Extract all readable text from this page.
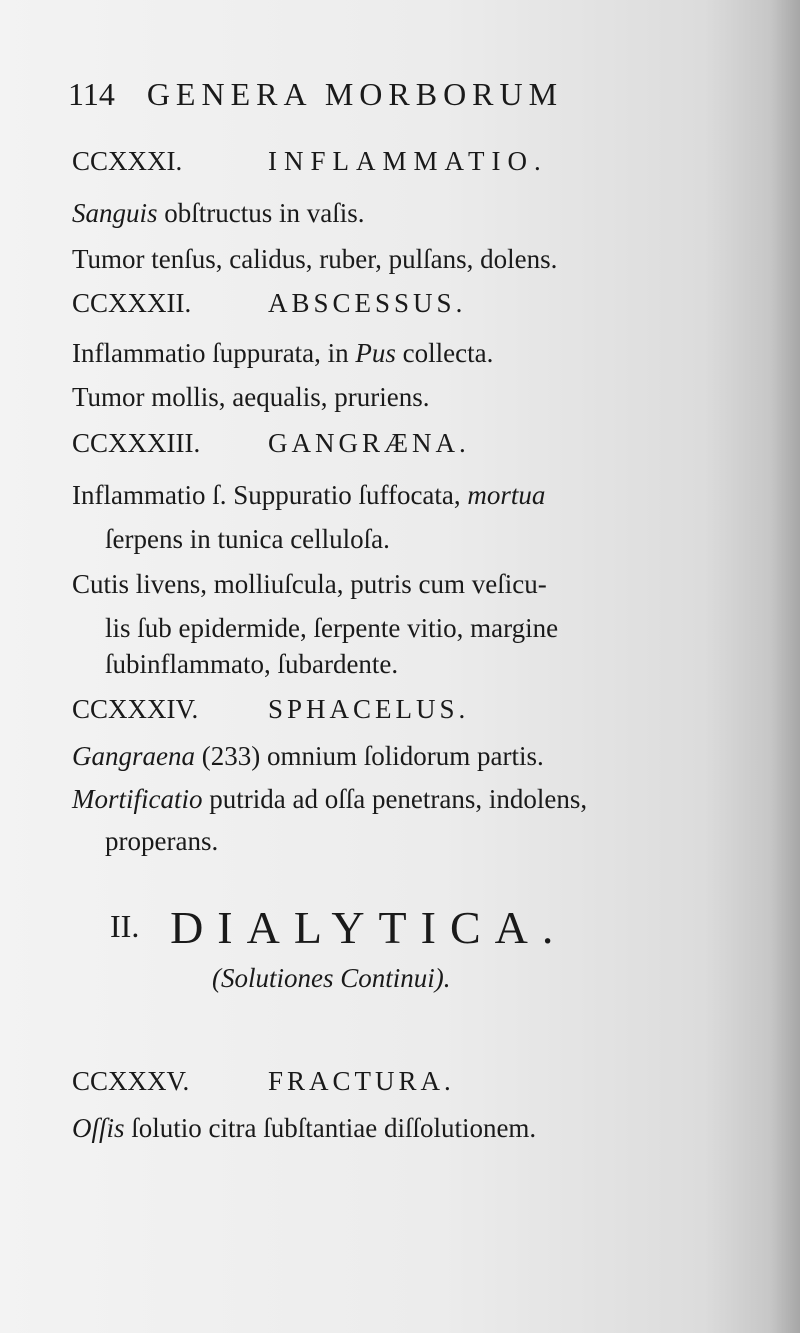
114 GENERA MORBORUM
CCXXXI.	INFLAMMATIO.
Sanguis obſtructus in vaſis.
Tumor tenſus, calidus, ruber, pulſans, dolens.
CCXXXII.	ABSCESSUS.
Inflammatio ſuppurata, in Pus collecta.
Tumor mollis, aequalis, pruriens.
CCXXXIII.	GANGRÆNA.
Inflammatio ſ. Suppuratio ſuffocata, mortua
ſerpens in tunica celluloſa.
Cutis livens, molliuſcula, putris cum veſicu-
lis ſub epidermide, ſerpente vitio, margine
ſubinflammato, ſubardente.
CCXXXIV.	SPHACELUS.
Gangraena (233) omnium ſolidorum partis.
Mortificatio putrida ad oſſa penetrans, indolens,
properans.
II. DIALYTICA.
(Solutiones Continui).
CCXXXV.	FRACTURA.
Oſſis ſolutio citra ſubſtantiae diſſolutionem.
